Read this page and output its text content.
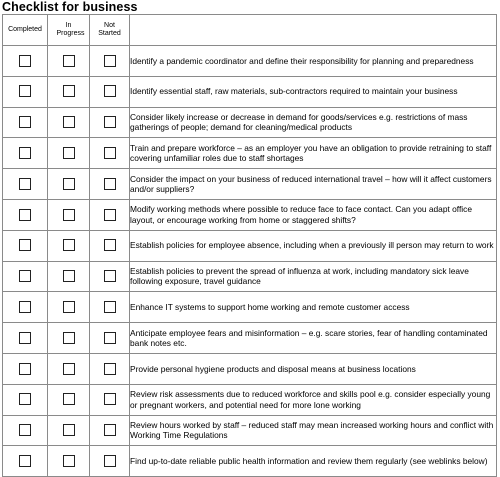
Checklist for business
Completed	In Progress	Not Started	
			Identify a pandemic coordinator and define their responsibility for planning and preparedness
			Identify essential staff, raw materials, sub-contractors required to maintain your business
			Consider likely increase or decrease in demand for goods/services e.g. restrictions of mass gatherings of people; demand for cleaning/medical products
			Train and prepare workforce – as an employer you have an obligation to provide retraining to staff covering unfamiliar roles due to staff shortages
			Consider the impact on your business of reduced international travel – how will it affect customers and/or suppliers?
			Modify working methods where possible to reduce face to face contact. Can you adapt office layout, or encourage working from home or staggered shifts?
			Establish policies for employee absence, including when a previously ill person may return to work
			Establish policies to prevent the spread of influenza at work, including mandatory sick leave following exposure, travel guidance
			Enhance IT systems to support home working and remote customer access
			Anticipate employee fears and misinformation – e.g. scare stories, fear of handling contaminated bank notes etc.
			Provide personal hygiene products and disposal means at business locations
			Review risk assessments due to reduced workforce and skills pool e.g. consider especially young or pregnant workers, and potential need for more lone working
			Review hours worked by staff – reduced staff may mean increased working hours and conflict with Working Time Regulations
			Find up-to-date reliable public health information and review them regularly (see weblinks below)
